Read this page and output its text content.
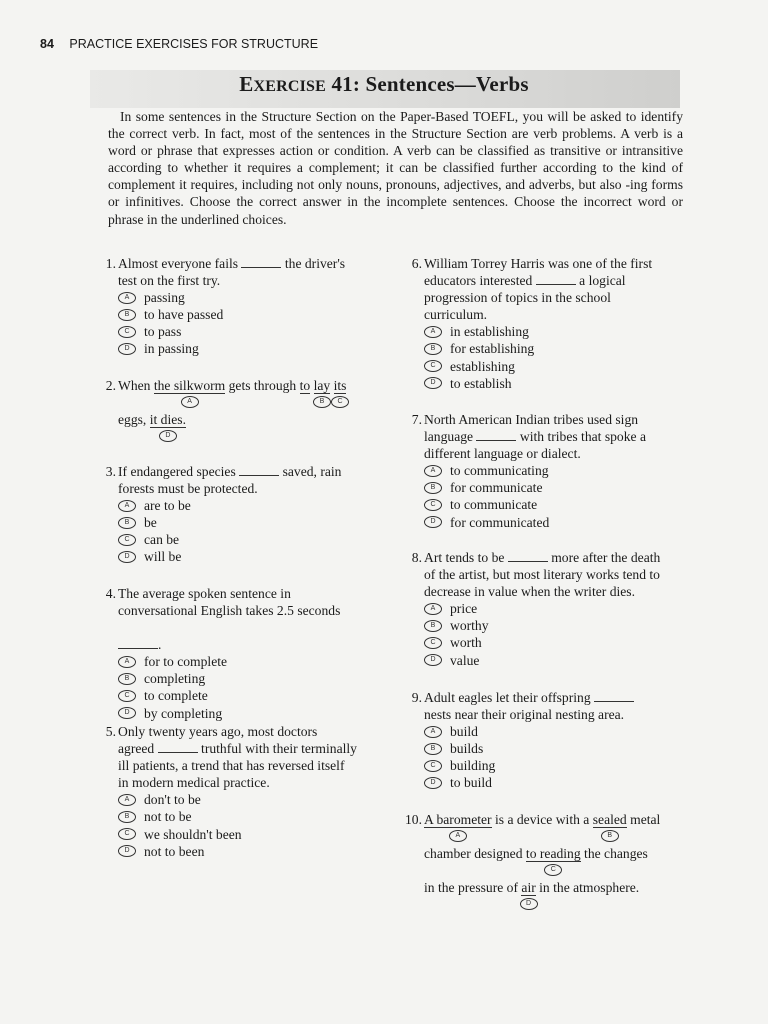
84 PRACTICE EXERCISES FOR STRUCTURE
EXERCISE 41: Sentences—Verbs
In some sentences in the Structure Section on the Paper-Based TOEFL, you will be asked to identify the correct verb. In fact, most of the sentences in the Structure Section are verb problems. A verb is a word or phrase that expresses action or condition. A verb can be classified as transitive or intransitive according to whether it requires a complement; it can be classified further according to the kind of complement it requires, including not only nouns, pronouns, adjectives, and adverbs, but also -ing forms or infinitives. Choose the correct answer in the incomplete sentences. Choose the incorrect word or phrase in the underlined choices.
1. Almost everyone fails	the driver's
test on the first try.
A	passing
B	to have passed
C	to pass
D	in passing
2. When the silkworm
A
gets through to lay
B
its
C
eggs, it dies.
D
3. If endangered species	saved, rain
forests must be protected.
A	are to be
B	be
C	can be
D	will be
4. The average spoken sentence in
conversational English takes 2.5 seconds
.
A	for to complete
B	completing
C	to complete
D	by completing
5. Only twenty years ago, most doctors
agreed	truthful with their terminally
ill patients, a trend that has reversed itself
in modern medical practice.
A	don't to be
B	not to be
C	we shouldn't been
D	not to been
6. William Torrey Harris was one of the first
educators interested	a logical
progression of topics in the school
curriculum.
A	in establishing
B	for establishing
C	establishing
D	to establish
7. North American Indian tribes used sign
language	with tribes that spoke a
different language or dialect.
A	to communicating
B	for communicate
C	to communicate
D	for communicated
8. Art tends to be	more after the death
of the artist, but most literary works tend to
decrease in value when the writer dies.
A	price
B	worthy
C	worth
D	value
9. Adult eagles let their offspring
nests near their original nesting area.
A	build
B	builds
C	building
D	to build
10. A barometer
A
is a device with a sealed
B
metal
chamber designed to reading
C
the changes
in the pressure of air
D
in the atmosphere.
